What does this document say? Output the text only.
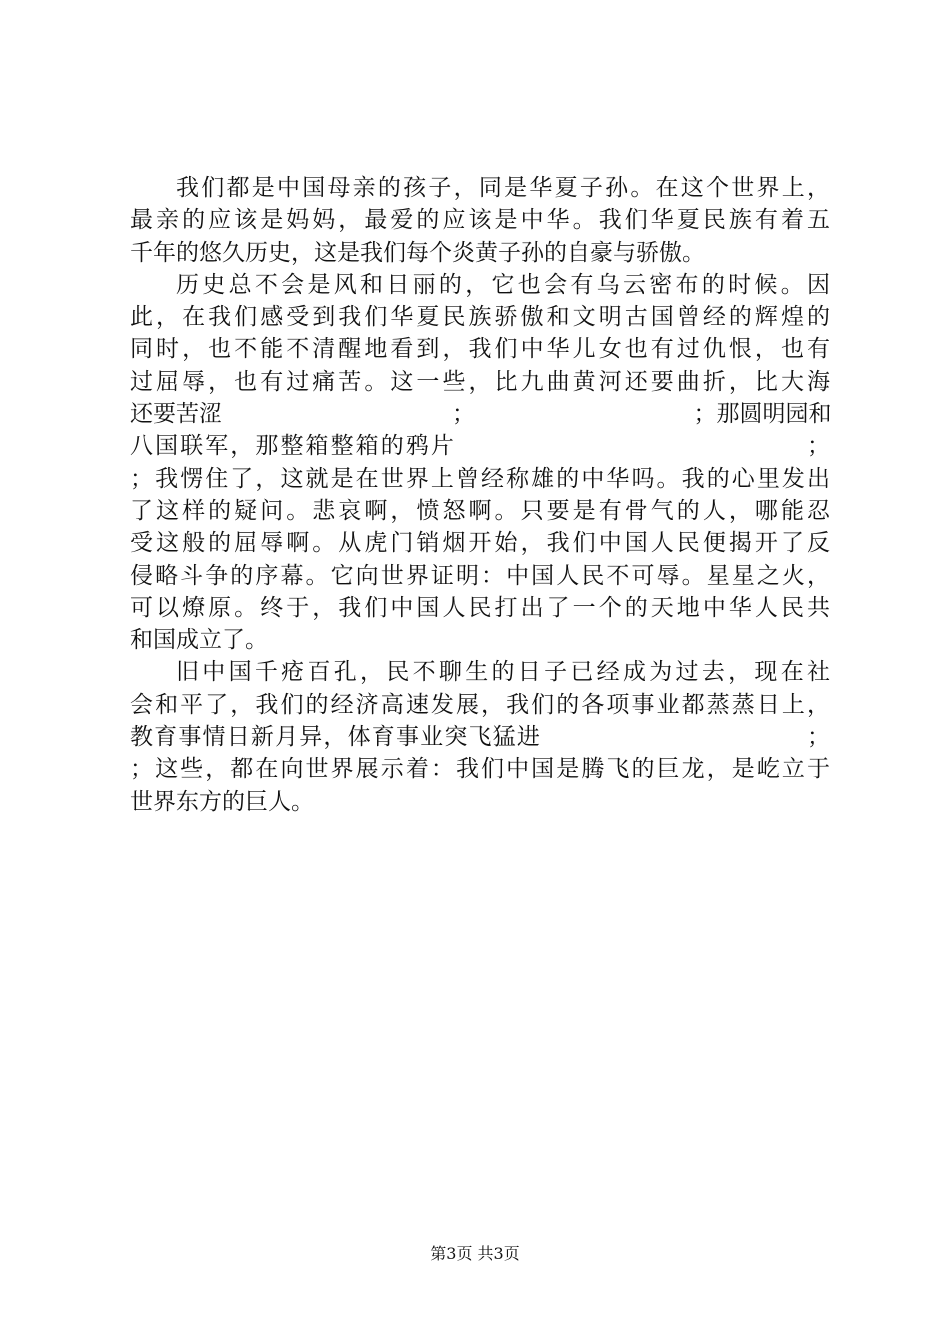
我们都是中国母亲的孩子，同是华夏子孙。在这个世界上，
最亲的应该是妈妈，最爱的应该是中华。我们华夏民族有着五
千年的悠久历史，这是我们每个炎黄子孙的自豪与骄傲。
历史总不会是风和日丽的，它也会有乌云密布的时候。因
此，在我们感受到我们华夏民族骄傲和文明古国曾经的辉煌的
同时，也不能不清醒地看到，我们中华儿女也有过仇恨，也有
过屈辱，也有过痛苦。这一些，比九曲黄河还要曲折，比大海
还要苦涩　　　　　　　　　　；　　　　　　　　　　；那圆明园和
八国联军，那整箱整箱的鸦片　　　　　　　　　　　　　　；
；我愣住了，这就是在世界上曾经称雄的中华吗。我的心里发出
了这样的疑问。悲哀啊，愤怒啊。只要是有骨气的人，哪能忍
受这般的屈辱啊。从虎门销烟开始，我们中国人民便揭开了反
侵略斗争的序幕。它向世界证明：中国人民不可辱。星星之火，
可以燎原。终于，我们中国人民打出了一个的天地中华人民共
和国成立了。
旧中国千疮百孔，民不聊生的日子已经成为过去，现在社
会和平了，我们的经济高速发展，我们的各项事业都蒸蒸日上，
教育事情日新月异，体育事业突飞猛进　　　　　　　　　　　；
；这些，都在向世界展示着：我们中国是腾飞的巨龙，是屹立于
世界东方的巨人。
第3页 共3页
